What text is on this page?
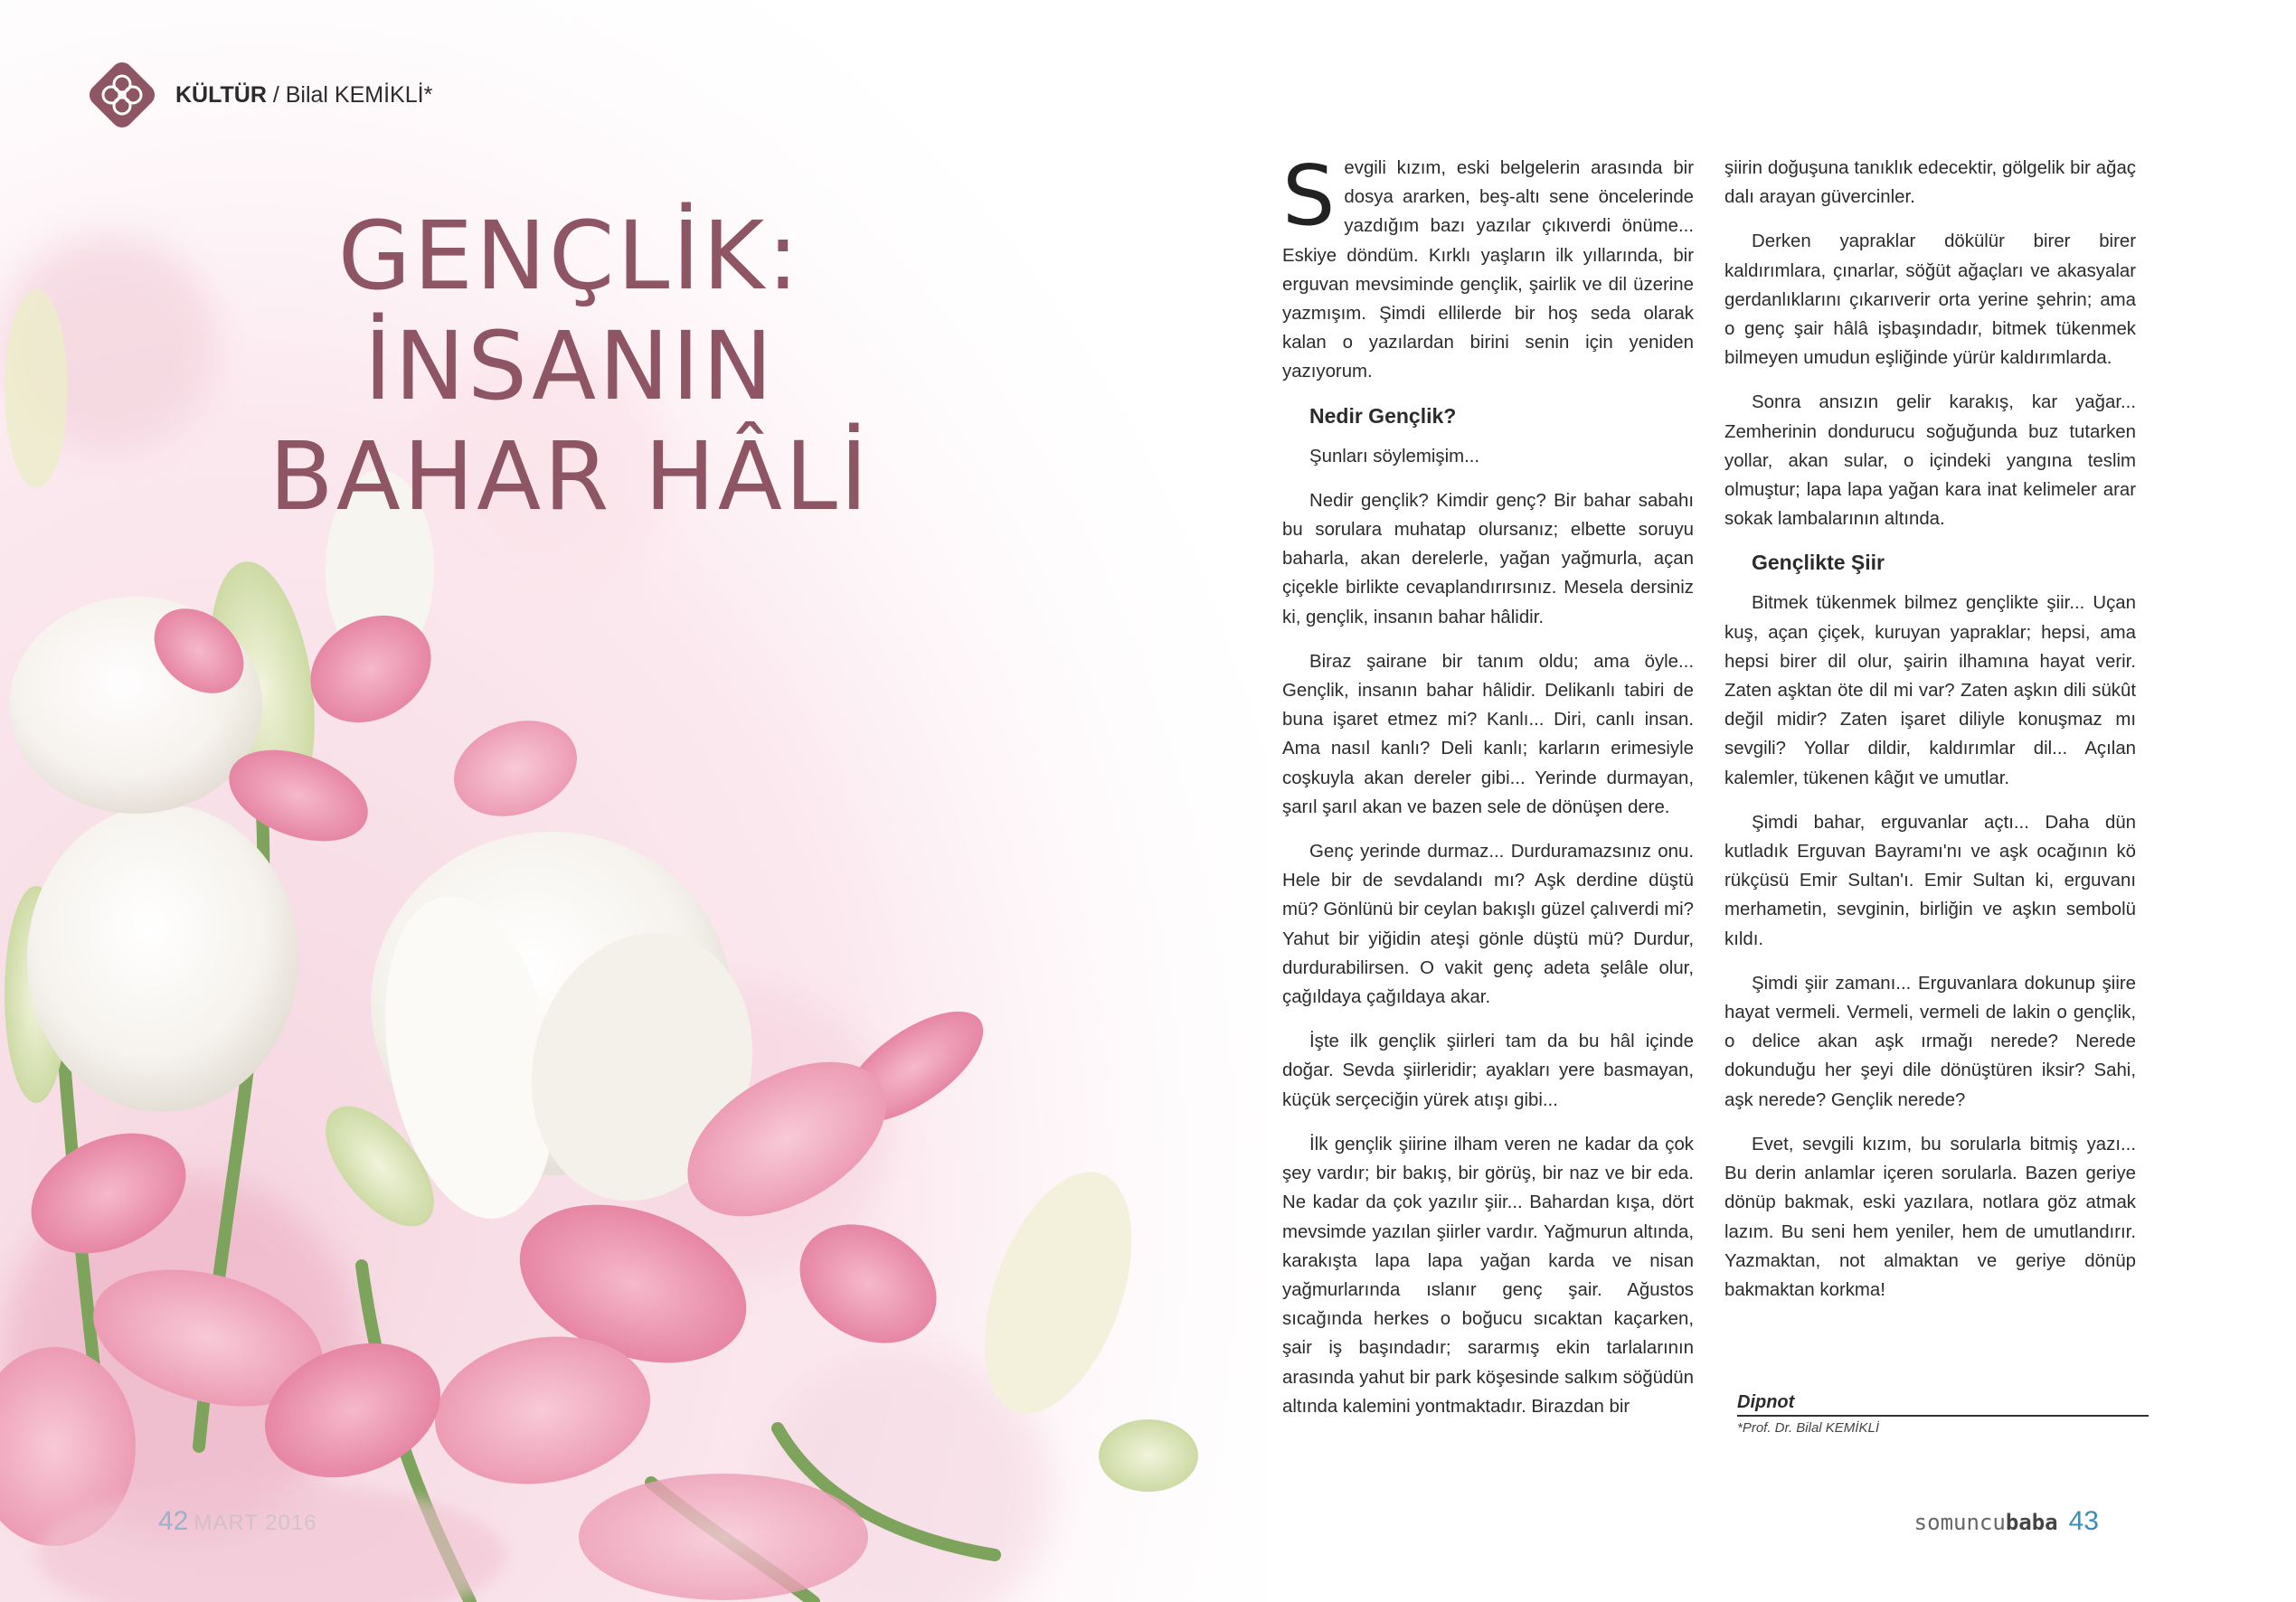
KÜLTÜR / Bilal KEMİKLİ*
GENÇLİK: İNSANIN
BAHAR HÂLİ

Sevgili kızım, eski belgelerin arasında bir dosya ararken, beş-altı sene öncelerinde yazdığım bazı yazılar çıkıverdi önüme... Eskiye döndüm. Kırklı yaşların ilk yıllarında, bir erguvan mevsiminde gençlik, şairlik ve dil üzerine yazmışım. Şimdi ellilerde bir hoş seda olarak kalan o yazılardan birini senin için yeniden yazıyorum.

Nedir Gençlik?

Şunları söylemişim...

Nedir gençlik? Kimdir genç? Bir bahar sabahı bu sorulara muhatap olursanız; elbette soruyu baharla, akan derelerle, yağan yağmurla, açan çiçekle birlikte cevaplandırırsınız. Mesela dersiniz ki, gençlik, insanın bahar hâlidir.

Biraz şairane bir tanım oldu; ama öyle... Gençlik, insanın bahar hâlidir. Delikanlı tabiri de buna işaret etmez mi? Kanlı... Diri, canlı insan. Ama nasıl kanlı? Deli kanlı; karların erimesiyle coşkuyla akan dereler gibi... Yerinde durmayan, şarıl şarıl akan ve bazen sele de dönüşen dere.

Genç yerinde durmaz... Durduramazsınız onu. Hele bir de sevdalandı mı? Aşk derdine düştü mü? Gönlünü bir ceylan bakışlı güzel çalıverdi mi? Yahut bir yiğidin ateşi gönle düştü mü? Durdur, durdurabilirsen. O vakit genç adeta şelâle olur, çağıldaya çağıldaya akar.

İşte ilk gençlik şiirleri tam da bu hâl içinde doğar. Sevda şiirleridir; ayakları yere basmayan, küçük serçeciğin yürek atışı gibi...

İlk gençlik şiirine ilham veren ne kadar da çok şey vardır; bir bakış, bir görüş, bir naz ve bir eda. Ne kadar da çok yazılır şiir... Bahardan kışa, dört mevsimde yazılan şiirler vardır. Yağmurun altında, karakışta lapa lapa yağan karda ve nisan yağmurlarında ıslanır genç şair. Ağustos sıcağında herkes o boğucu sıcaktan kaçarken, şair iş başındadır; sararmış ekin tarlalarının arasında yahut bir park köşesinde salkım söğüdün altında kalemini yontmaktadır. Birazdan bir

şiirin doğuşuna tanıklık edecektir, gölgelik bir ağaç dalı arayan güvercinler.

Derken yapraklar dökülür birer birer kaldırımlara, çınarlar, söğüt ağaçları ve akasyalar gerdanlıklarını çıkarıverir orta yerine şehrin; ama o genç şair hâlâ işbaşındadır, bitmek tükenmek bilmeyen umudun eşliğinde yürür kaldırımlarda.

Sonra ansızın gelir karakış, kar yağar... Zemherinin dondurucu soğuğunda buz tutarken yollar, akan sular, o içindeki yangına teslim olmuştur; lapa lapa yağan kara inat kelimeler arar sokak lambalarının altında.

Gençlikte Şiir

Bitmek tükenmek bilmez gençlikte şiir... Uçan kuş, açan çiçek, kuruyan yapraklar; hepsi, ama hepsi birer dil olur, şairin ilhamına hayat verir. Zaten aşktan öte dil mi var? Zaten aşkın dili sükût değil midir? Zaten işaret diliyle konuşmaz mı sevgili? Yollar dildir, kaldırımlar dil... Açılan kalemler, tükenen kâğıt ve umutlar.

Şimdi bahar, erguvanlar açtı... Daha dün kutladık Erguvan Bayramı'nı ve aşk ocağının kö rükçüsü Emir Sultan'ı. Emir Sultan ki, erguvanı merhametin, sevginin, birliğin ve aşkın sembolü kıldı.

Şimdi şiir zamanı... Erguvanlara dokunup şiire hayat vermeli. Vermeli, vermeli de lakin o gençlik, o delice akan aşk ırmağı nerede? Nerede dokunduğu her şeyi dile dönüştüren iksir? Sahi, aşk nerede? Gençlik nerede?

Evet, sevgili kızım, bu sorularla bitmiş yazı... Bu derin anlamlar içeren sorularla. Bazen geriye dönüp bakmak, eski yazılara, notlara göz atmak lazım. Bu seni hem yeniler, hem de umutlandırır. Yazmaktan, not almaktan ve geriye dönüp bakmaktan korkma!

Dipnot
*Prof. Dr. Bilal KEMİKLİ
42 MART 2016	somuncubaba 43
